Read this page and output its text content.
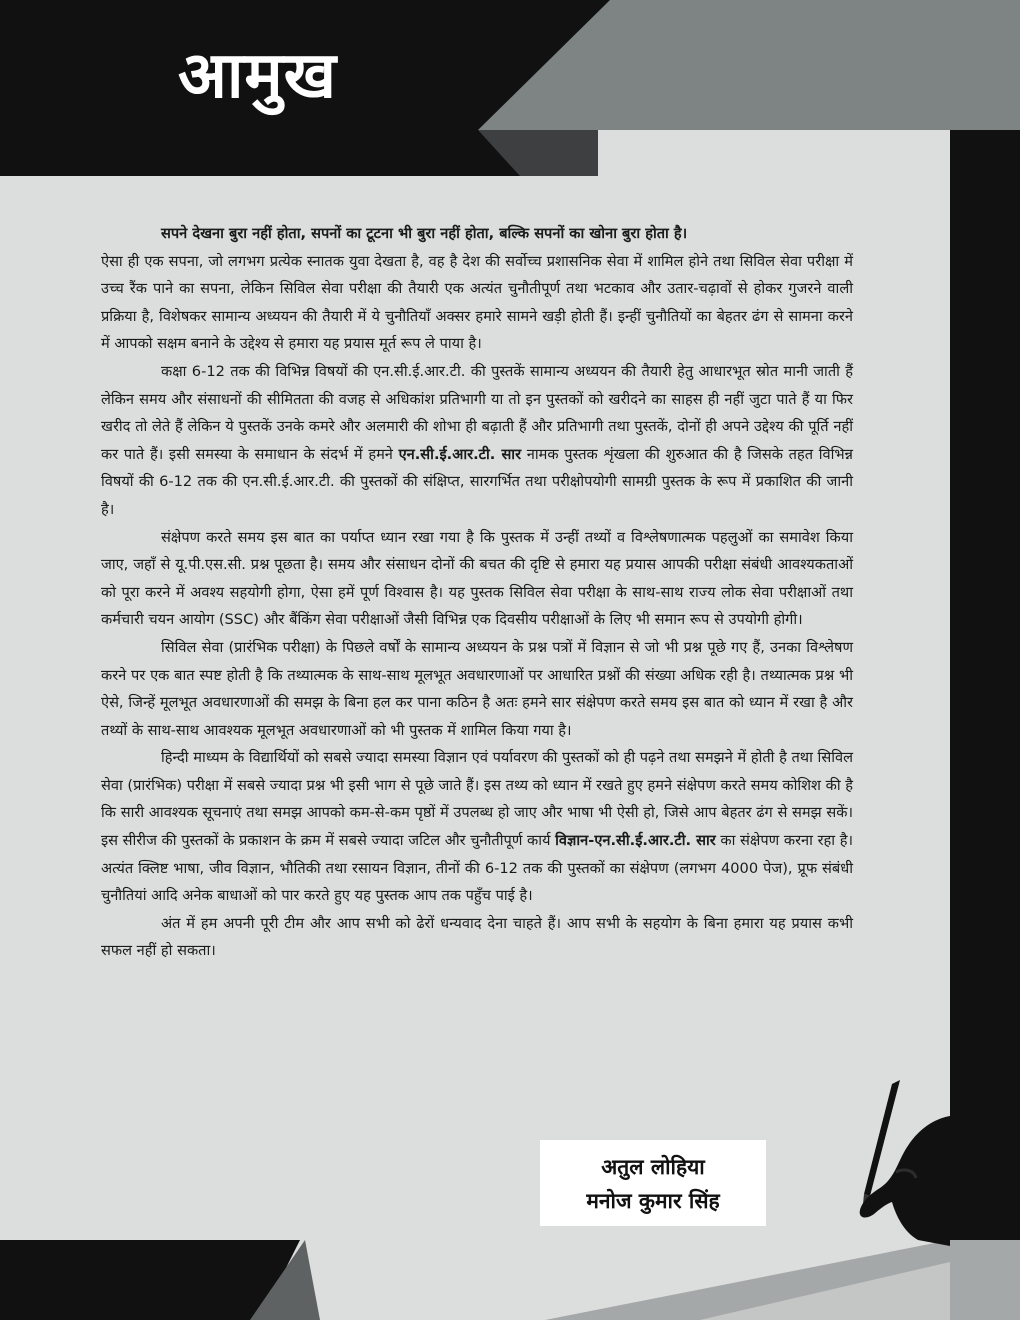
आमुख

सपने देखना बुरा नहीं होता, सपनों का टूटना भी बुरा नहीं होता, बल्कि सपनों का खोना बुरा होता है।

ऐसा ही एक सपना, जो लगभग प्रत्येक स्नातक युवा देखता है, वह है देश की सर्वोच्च प्रशासनिक सेवा में शामिल होने तथा सिविल सेवा परीक्षा में उच्च रैंक पाने का सपना, लेकिन सिविल सेवा परीक्षा की तैयारी एक अत्यंत चुनौतीपूर्ण तथा भटकाव और उतार-चढ़ावों से होकर गुजरने वाली प्रक्रिया है, विशेषकर सामान्य अध्ययन की तैयारी में ये चुनौतियाँ अक्सर हमारे सामने खड़ी होती हैं। इन्हीं चुनौतियों का बेहतर ढंग से सामना करने में आपको सक्षम बनाने के उद्देश्य से हमारा यह प्रयास मूर्त रूप ले पाया है।

कक्षा 6-12 तक की विभिन्न विषयों की एन.सी.ई.आर.टी. की पुस्तकें सामान्य अध्ययन की तैयारी हेतु आधारभूत स्रोत मानी जाती हैं लेकिन समय और संसाधनों की सीमितता की वजह से अधिकांश प्रतिभागी या तो इन पुस्तकों को खरीदने का साहस ही नहीं जुटा पाते हैं या फिर खरीद तो लेते हैं लेकिन ये पुस्तकें उनके कमरे और अलमारी की शोभा ही बढ़ाती हैं और प्रतिभागी तथा पुस्तकें, दोनों ही अपने उद्देश्य की पूर्ति नहीं कर पाते हैं। इसी समस्या के समाधान के संदर्भ में हमने एन.सी.ई.आर.टी. सार नामक पुस्तक शृंखला की शुरुआत की है जिसके तहत विभिन्न विषयों की 6-12 तक की एन.सी.ई.आर.टी. की पुस्तकों की संक्षिप्त, सारगर्भित तथा परीक्षोपयोगी सामग्री पुस्तक के रूप में प्रकाशित की जानी है।

संक्षेपण करते समय इस बात का पर्याप्त ध्यान रखा गया है कि पुस्तक में उन्हीं तथ्यों व विश्लेषणात्मक पहलुओं का समावेश किया जाए, जहाँ से यू.पी.एस.सी. प्रश्न पूछता है। समय और संसाधन दोनों की बचत की दृष्टि से हमारा यह प्रयास आपकी परीक्षा संबंधी आवश्यकताओं को पूरा करने में अवश्य सहयोगी होगा, ऐसा हमें पूर्ण विश्वास है। यह पुस्तक सिविल सेवा परीक्षा के साथ-साथ राज्य लोक सेवा परीक्षाओं तथा कर्मचारी चयन आयोग (SSC) और बैंकिंग सेवा परीक्षाओं जैसी विभिन्न एक दिवसीय परीक्षाओं के लिए भी समान रूप से उपयोगी होगी।

सिविल सेवा (प्रारंभिक परीक्षा) के पिछले वर्षों के सामान्य अध्ययन के प्रश्न पत्रों में विज्ञान से जो भी प्रश्न पूछे गए हैं, उनका विश्लेषण करने पर एक बात स्पष्ट होती है कि तथ्यात्मक के साथ-साथ मूलभूत अवधारणाओं पर आधारित प्रश्नों की संख्या अधिक रही है। तथ्यात्मक प्रश्न भी ऐसे, जिन्हें मूलभूत अवधारणाओं की समझ के बिना हल कर पाना कठिन है अतः हमने सार संक्षेपण करते समय इस बात को ध्यान में रखा है और तथ्यों के साथ-साथ आवश्यक मूलभूत अवधारणाओं को भी पुस्तक में शामिल किया गया है।

हिन्दी माध्यम के विद्यार्थियों को सबसे ज्यादा समस्या विज्ञान एवं पर्यावरण की पुस्तकों को ही पढ़ने तथा समझने में होती है तथा सिविल सेवा (प्रारंभिक) परीक्षा में सबसे ज्यादा प्रश्न भी इसी भाग से पूछे जाते हैं। इस तथ्य को ध्यान में रखते हुए हमने संक्षेपण करते समय कोशिश की है कि सारी आवश्यक सूचनाएं तथा समझ आपको कम-से-कम पृष्ठों में उपलब्ध हो जाए और भाषा भी ऐसी हो, जिसे आप बेहतर ढंग से समझ सकें। इस सीरीज की पुस्तकों के प्रकाशन के क्रम में सबसे ज्यादा जटिल और चुनौतीपूर्ण कार्य विज्ञान-एन.सी.ई.आर.टी. सार का संक्षेपण करना रहा है। अत्यंत क्लिष्ट भाषा, जीव विज्ञान, भौतिकी तथा रसायन विज्ञान, तीनों की 6-12 तक की पुस्तकों का संक्षेपण (लगभग 4000 पेज), प्रूफ संबंधी चुनौतियां आदि अनेक बाधाओं को पार करते हुए यह पुस्तक आप तक पहुँच पाई है।

अंत में हम अपनी पूरी टीम और आप सभी को ढेरों धन्यवाद देना चाहते हैं। आप सभी के सहयोग के बिना हमारा यह प्रयास कभी सफल नहीं हो सकता।

अतुल लोहिया
मनोज कुमार सिंह
